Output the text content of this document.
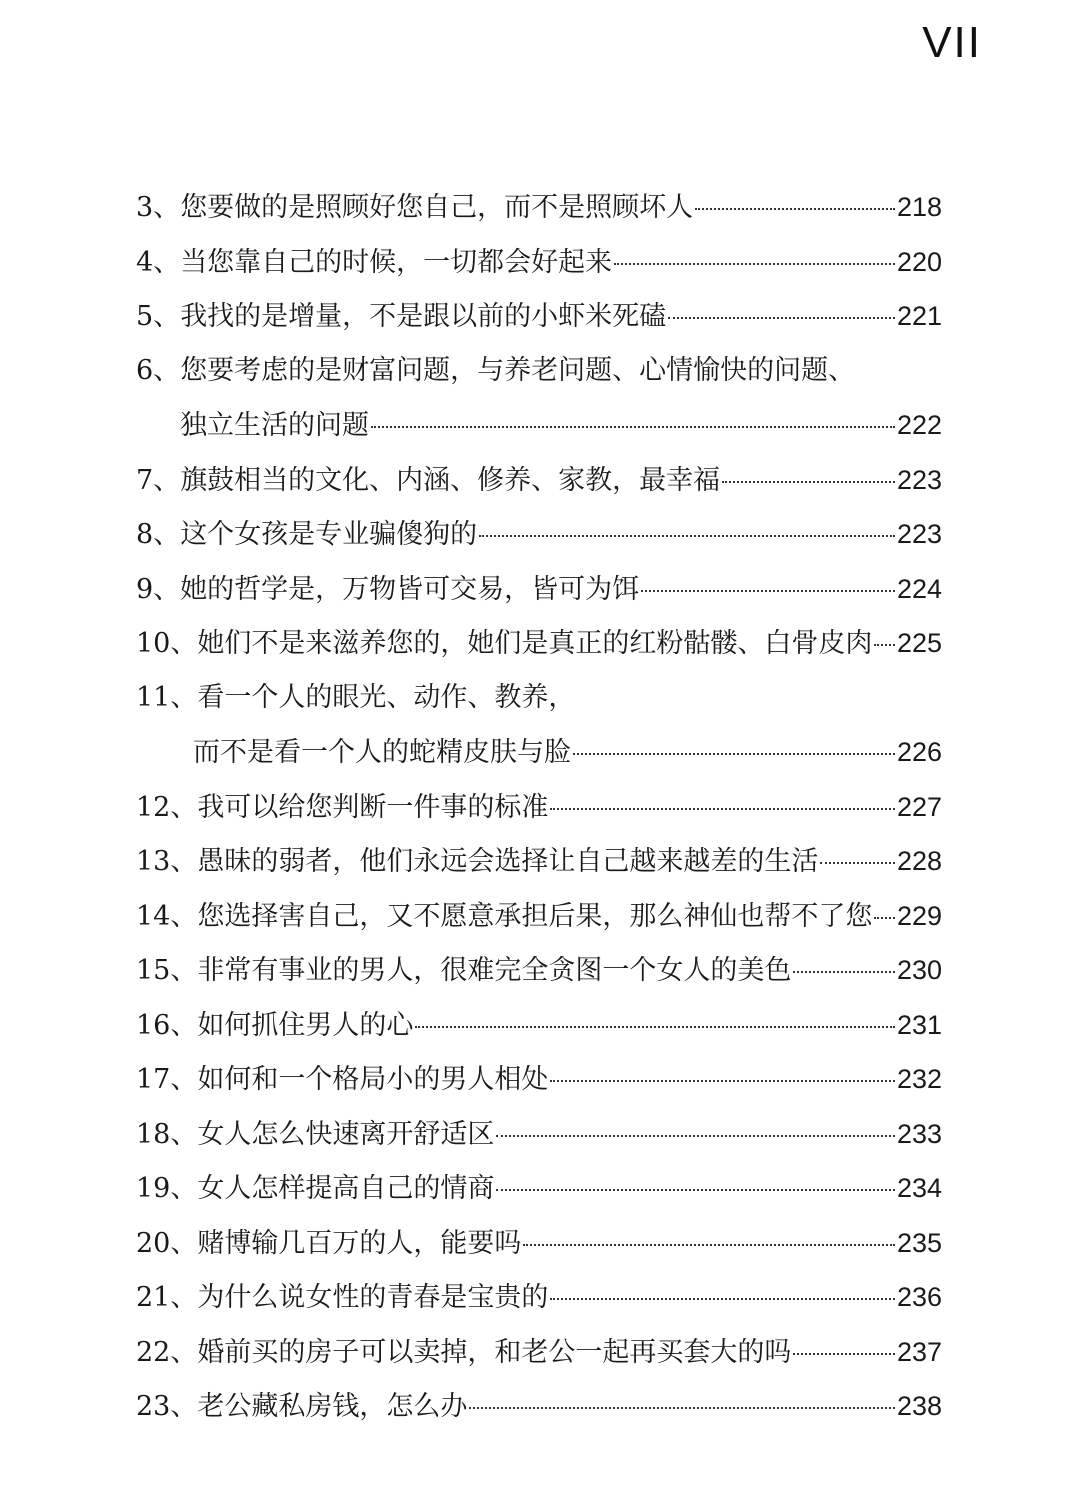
VII
3、 您要做的是照顾好您自己，而不是照顾坏人	218
4、 当您靠自己的时候，一切都会好起来	220
5、 我找的是增量，不是跟以前的小虾米死磕	221
6、您要考虑的是财富问题，与养老问题、心情愉快的问题、
独立生活的问题	222
7、 旗鼓相当的文化、内涵、修养、家教，最幸福	223
8、 这个女孩是专业骗傻狗的	223
9、 她的哲学是，万物皆可交易，皆可为饵	224
10、 她们不是来滋养您的，她们是真正的红粉骷髅、白骨皮肉 225
11、看一个人的眼光、动作、教养，
而不是看一个人的蛇精皮肤与脸	226
12、 我可以给您判断一件事的标准	227
13、 愚昧的弱者，他们永远会选择让自己越来越差的生活	228
14、 您选择害自己，又不愿意承担后果，那么神仙也帮不了您 229
15、 非常有事业的男人，很难完全贪图一个女人的美色	230
16、 如何抓住男人的心	231
17、 如何和一个格局小的男人相处	232
18、 女人怎么快速离开舒适区	233
19、 女人怎样提高自己的情商	234
20、 赌博输几百万的人，能要吗	235
21、 为什么说女性的青春是宝贵的	236
22、 婚前买的房子可以卖掉，和老公一起再买套大的吗	237
23、 老公藏私房钱，怎么办	238
